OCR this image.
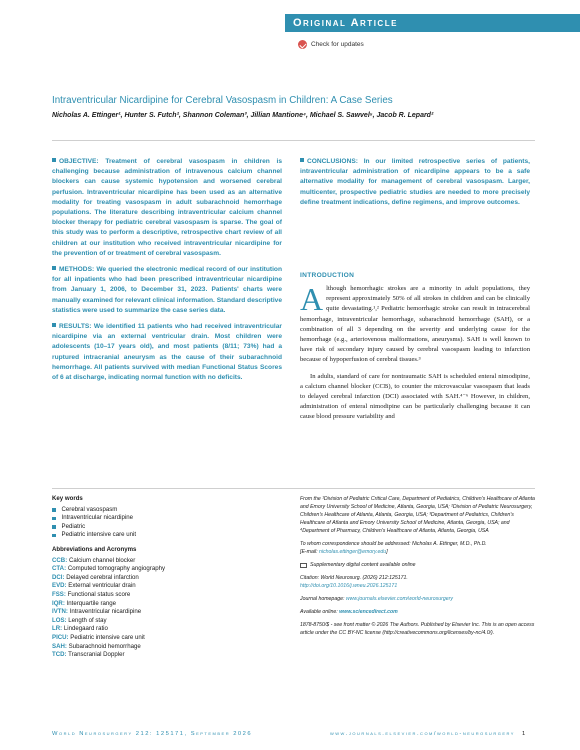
Original Article
Check for updates
Intraventricular Nicardipine for Cerebral Vasospasm in Children: A Case Series
Nicholas A. Ettinger¹, Hunter S. Futch², Shannon Coleman³, Jillian Mantione⁴, Michael S. Sawvel⁵, Jacob R. Lepard²
OBJECTIVE: Treatment of cerebral vasospasm in children is challenging because administration of intravenous calcium channel blockers can cause systemic hypotension and worsened cerebral perfusion. Intraventricular nicardipine has been used as an alternative modality for treating vasospasm in adult subarachnoid hemorrhage populations. The literature describing intraventricular calcium channel blocker therapy for pediatric cerebral vasospasm is sparse. The goal of this study was to perform a descriptive, retrospective chart review of all children at our institution who received intraventricular nicardipine for the prevention of or treatment of cerebral vasospasm.
METHODS: We queried the electronic medical record of our institution for all inpatients who had been prescribed intraventricular nicardipine from January 1, 2006, to December 31, 2023. Patients' charts were manually examined for relevant clinical information. Standard descriptive statistics were used to summarize the case series data.
RESULTS: We identified 11 patients who had received intraventricular nicardipine via an external ventricular drain. Most children were adolescents (10–17 years old), and most patients (8/11; 73%) had a ruptured intracranial aneurysm as the cause of their subarachnoid hemorrhage. All patients survived with median Functional Status Scores of 6 at discharge, indicating normal function with no deficits.
CONCLUSIONS: In our limited retrospective series of patients, intraventricular administration of nicardipine appears to be a safe alternative modality for management of cerebral vasospasm. Larger, multicenter, prospective pediatric studies are needed to more precisely define treatment indications, define regimens, and improve outcomes.
INTRODUCTION

Although hemorrhagic strokes are a minority in adult populations, they represent approximately 50% of all strokes in children and can be clinically quite devastating.¹,² Pediatric hemorrhagic stroke can result in intracerebral hemorrhage, intraventricular hemorrhage, subarachnoid hemorrhage (SAH), or a combination of all 3 depending on the severity and underlying cause for the hemorrhage (e.g., arteriovenous malformations, aneurysms). SAH is well known to have risk of secondary injury caused by cerebral vasospasm leading to infarction because of hypoperfusion of cerebral tissues.³

In adults, standard of care for nontraumatic SAH is scheduled enteral nimodipine, a calcium channel blocker (CCB), to counter the microvascular vasospasm that leads to delayed cerebral infarction (DCI) associated with SAH.⁴⁻⁶ However, in children, administration of enteral nimodipine can be particularly challenging because it can cause blood pressure variability and

Key words
Cerebral vasospasm
Intraventricular nicardipine
Pediatric
Pediatric intensive care unit
Abbreviations and Acronyms
CCB: Calcium channel blocker
CTA: Computed tomography angiography
DCI: Delayed cerebral infarction
EVD: External ventricular drain
FSS: Functional status score
IQR: Interquartile range
IVTN: Intraventricular nicardipine
LOS: Length of stay
LR: Lindegaard ratio
PICU: Pediatric intensive care unit
SAH: Subarachnoid hemorrhage
TCD: Transcranial Doppler
From the ¹Division of Pediatric Critical Care, Department of Pediatrics, Children's Healthcare of Atlanta and Emory University School of Medicine, Atlanta, Georgia, USA; ²Division of Pediatric Neurosurgery, Children's Healthcare of Atlanta, Atlanta, Georgia, USA; ³Department of Pediatrics, Children's Healthcare of Atlanta and Emory University School of Medicine, Atlanta, Georgia, USA; and ⁴Department of Pharmacy, Children's Healthcare of Atlanta, Atlanta, Georgia, USA
To whom correspondence should be addressed: Nicholas A. Ettinger, M.D., Ph.D.
[E-mail: nicholas.ettinger@emory.edu]
Supplementary digital content available online
Citation: World Neurosurg. (2026) 212:125171.
http://doi.org/10.1016/j.wneu.2026.125171
Journal homepage: www.journals.elsevier.com/world-neurosurgery
Available online: www.sciencedirect.com
1878-8750/$ - see front matter © 2026 The Authors. Published by Elsevier Inc. This is an open access article under the CC BY-NC license (http://creativecommons.org/licenses/by-nc/4.0/).
World Neurosurgery 212: 125171, September 2026	www.journals.elsevier.com/world-neurosurgery 1
